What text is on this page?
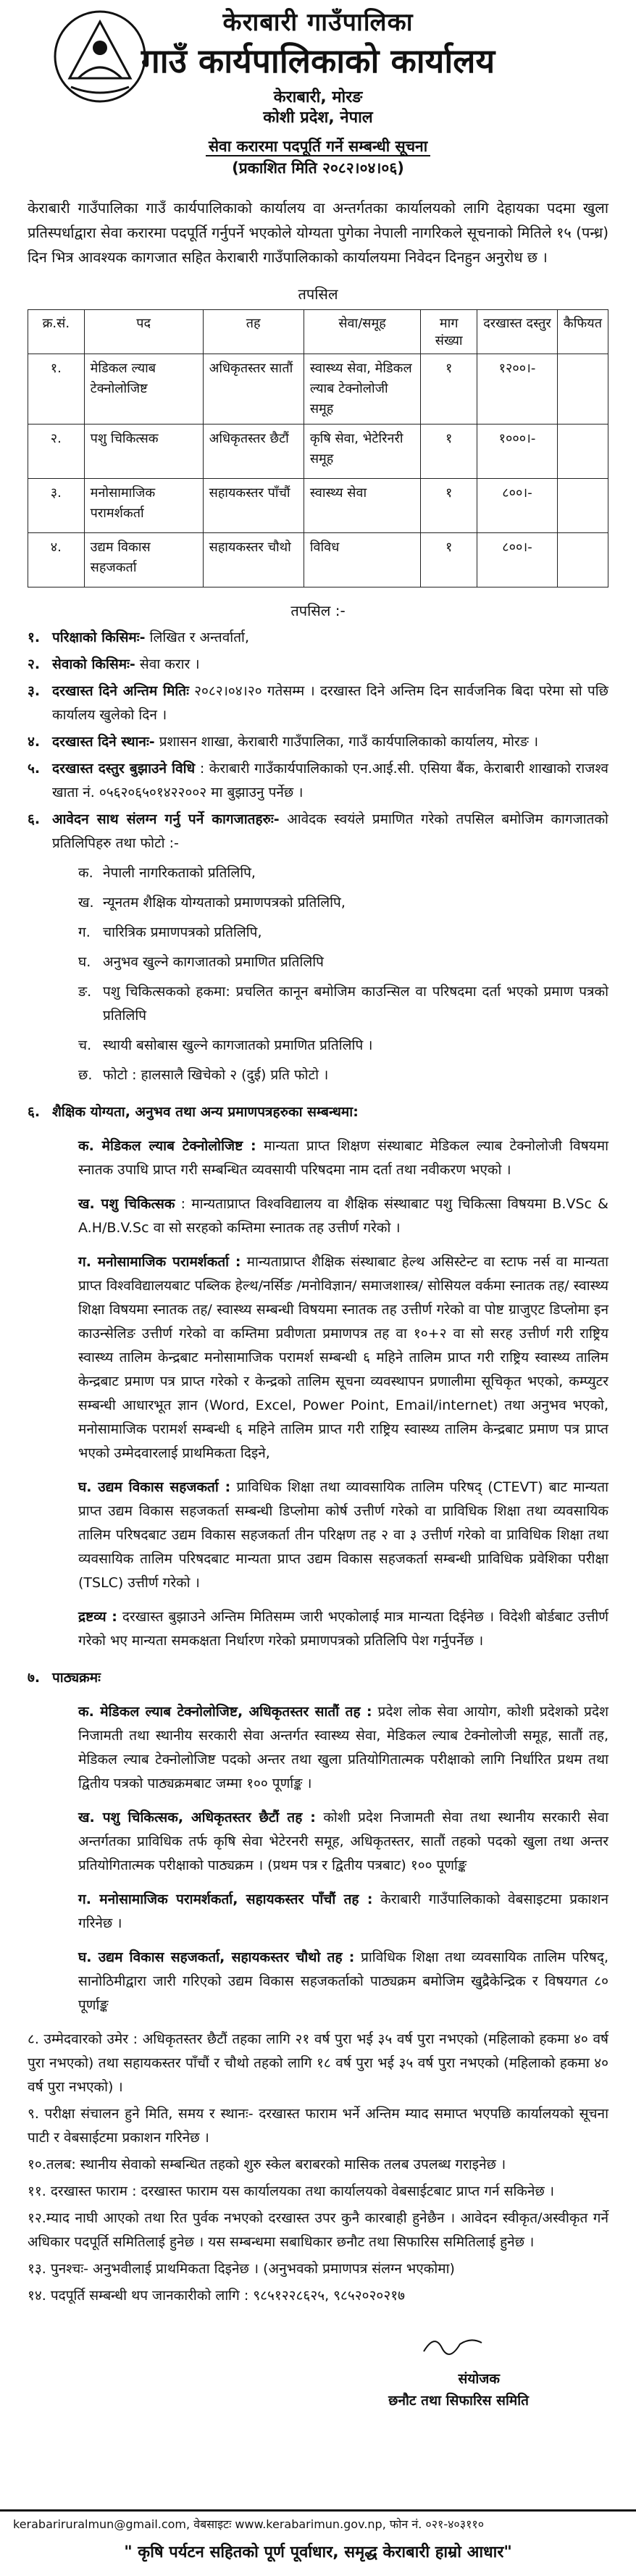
केराबारी गाउँपालिका
गाउँ कार्यपालिकाको कार्यालय
केराबारी, मोरङ
कोशी प्रदेश, नेपाल
सेवा करारमा पदपूर्ति गर्ने सम्बन्धी सूचना
(प्रकाशित मिति २०८२।०४।०६)

केराबारी गाउँपालिका गाउँ कार्यपालिकाको कार्यालय वा अन्तर्गतका कार्यालयको लागि देहायका पदमा खुला प्रतिस्पर्धाद्वारा सेवा करारमा पदपूर्ति गर्नुपर्ने भएकोले योग्यता पुगेका नेपाली नागरिकले सूचनाको मितिले १५ (पन्ध्र) दिन भित्र आवश्यक कागजात सहित केराबारी गाउँपालिकाको कार्यालयमा निवेदन दिनहुन अनुरोध छ ।

तपसिल
क्र.सं.	पद	तह	सेवा/समूह	माग संख्या	दरखास्त दस्तुर	कैफियत
१.	मेडिकल ल्याब टेक्नोलोजिष्ट	अधिकृतस्तर सातौं	स्वास्थ्य सेवा, मेडिकल ल्याब टेक्नोलोजी समूह	१	१२००।-	
२.	पशु चिकित्सक	अधिकृतस्तर छैटौं	कृषि सेवा, भेटेरिनरी समूह	१	१०००।-	
३.	मनोसामाजिक परामर्शकर्ता	सहायकस्तर पाँचौं	स्वास्थ्य सेवा	१	८००।-	
४.	उद्यम विकास सहजकर्ता	सहायकस्तर चौथो	विविध	१	८००।-	
तपसिल :-
१. परिक्षाको किसिमः- लिखित र अन्तर्वार्ता,
२. सेवाको किसिमः- सेवा करार ।
३. दरखास्त दिने अन्तिम मितिः २०८२।०४।२० गतेसम्म । दरखास्त दिने अन्तिम दिन सार्वजनिक बिदा परेमा सो पछि कार्यालय खुलेको दिन ।
४. दरखास्त दिने स्थानः- प्रशासन शाखा, केराबारी गाउँपालिका, गाउँ कार्यपालिकाको कार्यालय, मोरङ ।
५. दरखास्त दस्तुर बुझाउने विधि : केराबारी गाउँकार्यपालिकाको एन.आई.सी. एसिया बैंक, केराबारी शाखाको राजश्व खाता नं. ०५६२०६५०१४२२००२ मा बुझाउनु पर्नेछ ।
६. आवेदन साथ संलग्न गर्नु पर्ने कागजातहरुः- आवेदक स्वयंले प्रमाणित गरेको तपसिल बमोजिम कागजातको प्रतिलिपिहरु तथा फोटो :-
क. नेपाली नागरिकताको प्रतिलिपि,
ख. न्यूनतम शैक्षिक योग्यताको प्रमाणपत्रको प्रतिलिपि,
ग. चारित्रिक प्रमाणपत्रको प्रतिलिपि,
घ. अनुभव खुल्ने कागजातको प्रमाणित प्रतिलिपि
ङ. पशु चिकित्सकको हकमा: प्रचलित कानून बमोजिम काउन्सिल वा परिषदमा दर्ता भएको प्रमाण पत्रको प्रतिलिपि
च. स्थायी बसोबास खुल्ने कागजातको प्रमाणित प्रतिलिपि ।
छ. फोटो : हालसालै खिचेको २ (दुई) प्रति फोटो ।
६. शैक्षिक योग्यता, अनुभव तथा अन्य प्रमाणपत्रहरुका सम्बन्धमा:
क. मेडिकल ल्याब टेक्नोलोजिष्ट : मान्यता प्राप्त शिक्षण संस्थाबाट मेडिकल ल्याब टेक्नोलोजी विषयमा स्नातक उपाधि प्राप्त गरी सम्बन्धित व्यवसायी परिषदमा नाम दर्ता तथा नवीकरण भएको ।
ख. पशु चिकित्सक : मान्यताप्राप्त विश्वविद्यालय वा शैक्षिक संस्थाबाट पशु चिकित्सा विषयमा B.VSc & A.H/B.V.Sc वा सो सरहको कम्तिमा स्नातक तह उत्तीर्ण गरेको ।
ग. मनोसामाजिक परामर्शकर्ता : मान्यताप्राप्त शैक्षिक संस्थाबाट हेल्थ असिस्टेन्ट वा स्टाफ नर्स वा मान्यता प्राप्त विश्वविद्यालयबाट पब्लिक हेल्थ/नर्सिङ /मनोविज्ञान/ समाजशास्त्र/ सोसियल वर्कमा स्नातक तह/ स्वास्थ्य शिक्षा विषयमा स्नातक तह/ स्वास्थ्य सम्बन्धी विषयमा स्नातक तह उत्तीर्ण गरेको वा पोष्ट ग्राजुएट डिप्लोमा इन काउन्सेलिङ उत्तीर्ण गरेको वा कम्तिमा प्रवीणता प्रमाणपत्र तह वा १०+२ वा सो सरह उत्तीर्ण गरी राष्ट्रिय स्वास्थ्य तालिम केन्द्रबाट मनोसामाजिक परामर्श सम्बन्धी ६ महिने तालिम प्राप्त गरी राष्ट्रिय स्वास्थ्य तालिम केन्द्रबाट प्रमाण पत्र प्राप्त गरेको र केन्द्रको तालिम सूचना व्यवस्थापन प्रणालीमा सूचिकृत भएको, कम्प्युटर सम्बन्धी आधारभूत ज्ञान (Word, Excel, Power Point, Email/internet) तथा अनुभव भएको, मनोसामाजिक परामर्श सम्बन्धी ६ महिने तालिम प्राप्त गरी राष्ट्रिय स्वास्थ्य तालिम केन्द्रबाट प्रमाण पत्र प्राप्त भएको उम्मेदवारलाई प्राथमिकता दिइने,
घ. उद्यम विकास सहजकर्ता : प्राविधिक शिक्षा तथा व्यावसायिक तालिम परिषद् (CTEVT) बाट मान्यता प्राप्त उद्यम विकास सहजकर्ता सम्बन्धी डिप्लोमा कोर्ष उत्तीर्ण गरेको वा प्राविधिक शिक्षा तथा व्यवसायिक तालिम परिषदबाट उद्यम विकास सहजकर्ता तीन परिक्षण तह २ वा ३ उत्तीर्ण गरेको वा प्राविधिक शिक्षा तथा व्यवसायिक तालिम परिषदबाट मान्यता प्राप्त उद्यम विकास सहजकर्ता सम्बन्धी प्राविधिक प्रवेशिका परीक्षा (TSLC) उत्तीर्ण गरेको ।
द्रष्टव्य : दरखास्त बुझाउने अन्तिम मितिसम्म जारी भएकोलाई मात्र मान्यता दिईनेछ । विदेशी बोर्डबाट उत्तीर्ण गरेको भए मान्यता समकक्षता निर्धारण गरेको प्रमाणपत्रको प्रतिलिपि पेश गर्नुपर्नेछ ।
७. पाठ्यक्रमः
क. मेडिकल ल्याब टेक्नोलोजिष्ट, अधिकृतस्तर सातौं तह : प्रदेश लोक सेवा आयोग, कोशी प्रदेशको प्रदेश निजामती तथा स्थानीय सरकारी सेवा अन्तर्गत स्वास्थ्य सेवा, मेडिकल ल्याब टेक्नोलोजी समूह, सातौं तह, मेडिकल ल्याब टेक्नोलोजिष्ट पदको अन्तर तथा खुला प्रतियोगितात्मक परीक्षाको लागि निर्धारित प्रथम तथा द्वितीय पत्रको पाठ्यक्रमबाट जम्मा १०० पूर्णाङ्क ।
ख. पशु चिकित्सक, अधिकृतस्तर छैटौं तह : कोशी प्रदेश निजामती सेवा तथा स्थानीय सरकारी सेवा अन्तर्गतका प्राविधिक तर्फ कृषि सेवा भेटेरनरी समूह, अधिकृतस्तर, सातौं तहको पदको खुला तथा अन्तर प्रतियोगितात्मक परीक्षाको पाठ्यक्रम । (प्रथम पत्र र द्वितीय पत्रबाट) १०० पूर्णाङ्क
ग. मनोसामाजिक परामर्शकर्ता, सहायकस्तर पाँचौं तह : केराबारी गाउँपालिकाको वेबसाइटमा प्रकाशन गरिनेछ ।
घ. उद्यम विकास सहजकर्ता, सहायकस्तर चौथो तह : प्राविधिक शिक्षा तथा व्यवसायिक तालिम परिषद्, सानोठिमीद्वारा जारी गरिएको उद्यम विकास सहजकर्ताको पाठ्यक्रम बमोजिम खुद्रैकेन्द्रिक र विषयगत ८० पूर्णाङ्क
८. उम्मेदवारको उमेर : अधिकृतस्तर छैटौं तहका लागि २१ वर्ष पुरा भई ३५ वर्ष पुरा नभएको (महिलाको हकमा ४० वर्ष पुरा नभएको) तथा सहायकस्तर पाँचौं र चौथो तहको लागि १८ वर्ष पुरा भई ३५ वर्ष पुरा नभएको (महिलाको हकमा ४० वर्ष पुरा नभएको) ।
९. परीक्षा संचालन हुने मिति, समय र स्थानः- दरखास्त फाराम भर्ने अन्तिम म्याद समाप्त भएपछि कार्यालयको सूचना पाटी र वेबसाईटमा प्रकाशन गरिनेछ ।
१०.तलब: स्थानीय सेवाको सम्बन्धित तहको शुरु स्केल बराबरको मासिक तलब उपलब्ध गराइनेछ ।
११. दरखास्त फाराम : दरखास्त फाराम यस कार्यालयका तथा कार्यालयको वेबसाईटबाट प्राप्त गर्न सकिनेछ ।
१२.म्याद नाघी आएको तथा रित पुर्वक नभएको दरखास्त उपर कुनै कारबाही हुनेछैन । आवेदन स्वीकृत/अस्वीकृत गर्ने अधिकार पदपूर्ति समितिलाई हुनेछ । यस सम्बन्धमा सबाधिकार छनौट तथा सिफारिस समितिलाई हुनेछ ।
१३. पुनश्चः- अनुभवीलाई प्राथमिकता दिइनेछ । (अनुभवको प्रमाणपत्र संलग्न भएकोमा)
१४. पदपूर्ति सम्बन्धी थप जानकारीको लागि : ९८५१२२८६२५, ९८५२०२०२१७
संयोजक
छनौट तथा सिफारिस समिति
kerabariruralmun@gmail.com, वेबसाइटः www.kerabarimun.gov.np, फोन नं. ०२१-४०३११०
" कृषि पर्यटन सहितको पूर्ण पूर्वाधार, समृद्ध केराबारी हाम्रो आधार"
